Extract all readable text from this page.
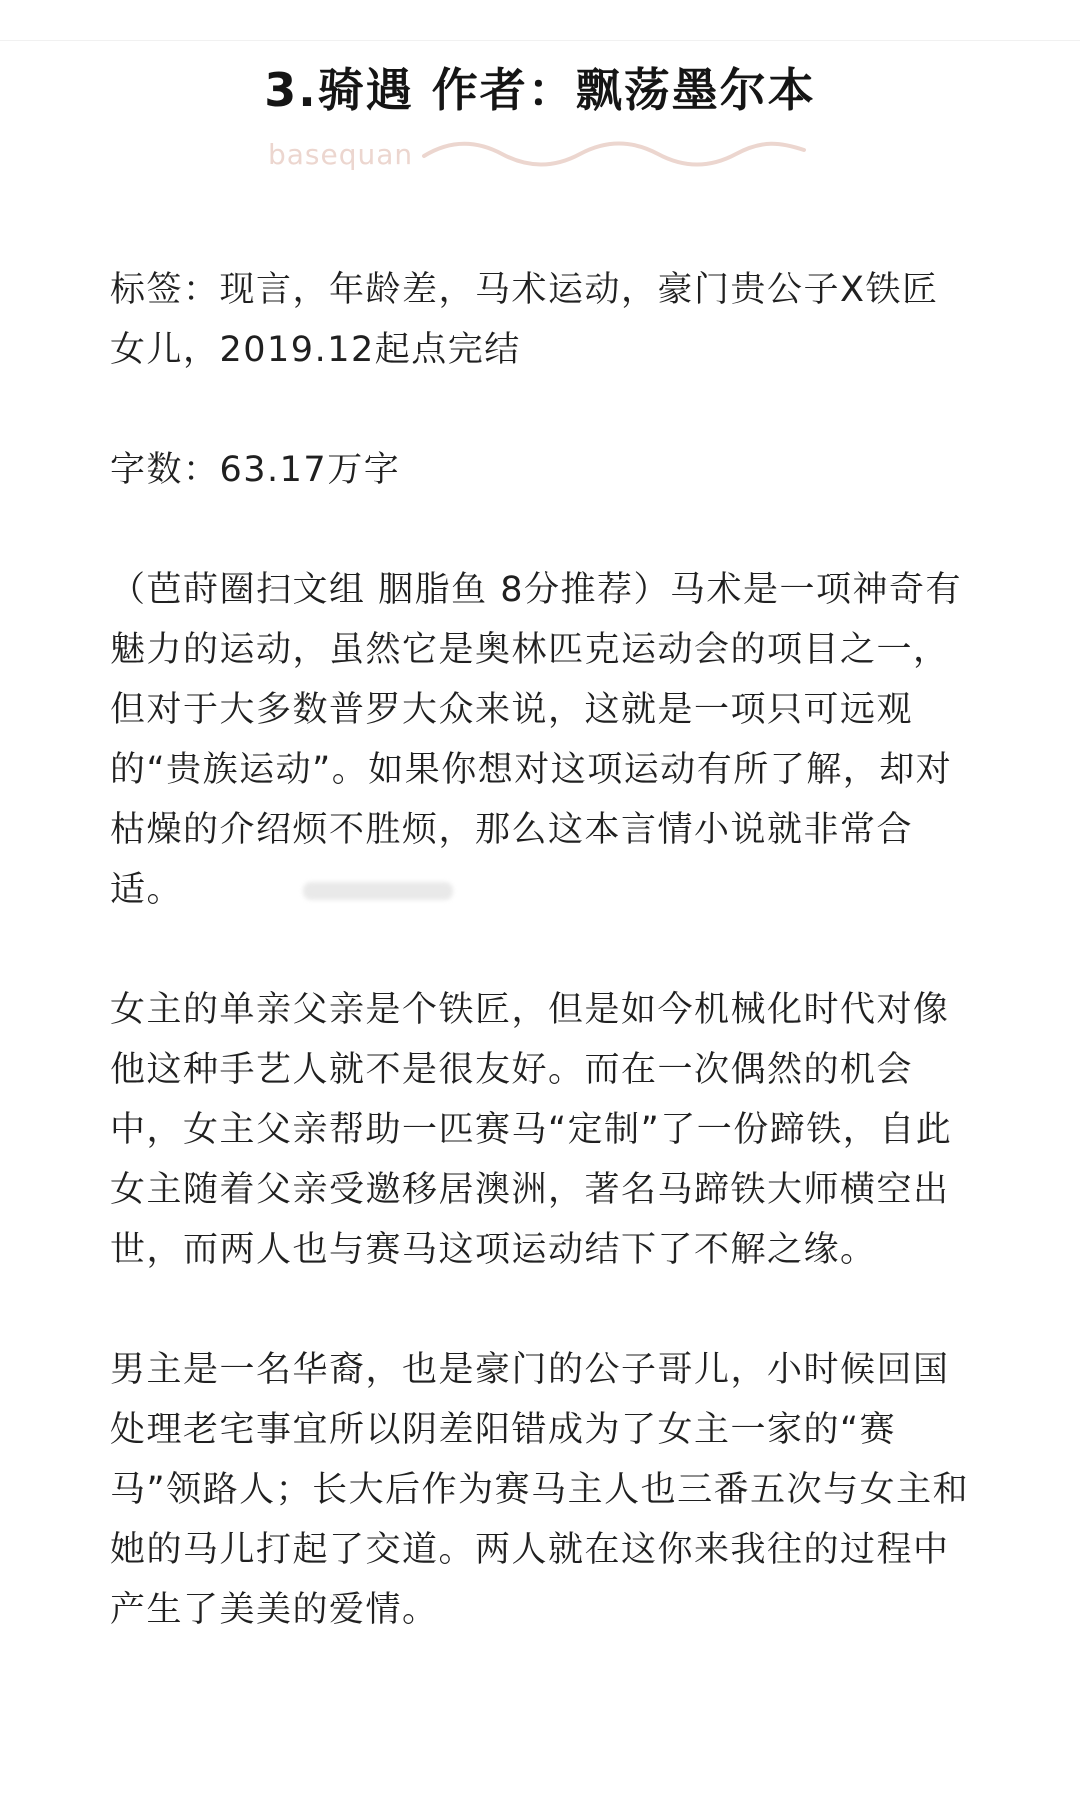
3.骑遇 作者：飘荡墨尔本
basequan

标签：现言，年龄差，马术运动，豪门贵公子X铁匠女儿，2019.12起点完结

字数：63.17万字

（芭莳圈扫文组 胭脂鱼 8分推荐）马术是一项神奇有魅力的运动，虽然它是奥林匹克运动会的项目之一，但对于大多数普罗大众来说，这就是一项只可远观的“贵族运动”。如果你想对这项运动有所了解，却对枯燥的介绍烦不胜烦，那么这本言情小说就非常合适。

女主的单亲父亲是个铁匠，但是如今机械化时代对像他这种手艺人就不是很友好。而在一次偶然的机会中，女主父亲帮助一匹赛马“定制”了一份蹄铁，自此女主随着父亲受邀移居澳洲，著名马蹄铁大师横空出世，而两人也与赛马这项运动结下了不解之缘。

男主是一名华裔，也是豪门的公子哥儿，小时候回国处理老宅事宜所以阴差阳错成为了女主一家的“赛马”领路人；长大后作为赛马主人也三番五次与女主和她的马儿打起了交道。两人就在这你来我往的过程中产生了美美的爱情。
